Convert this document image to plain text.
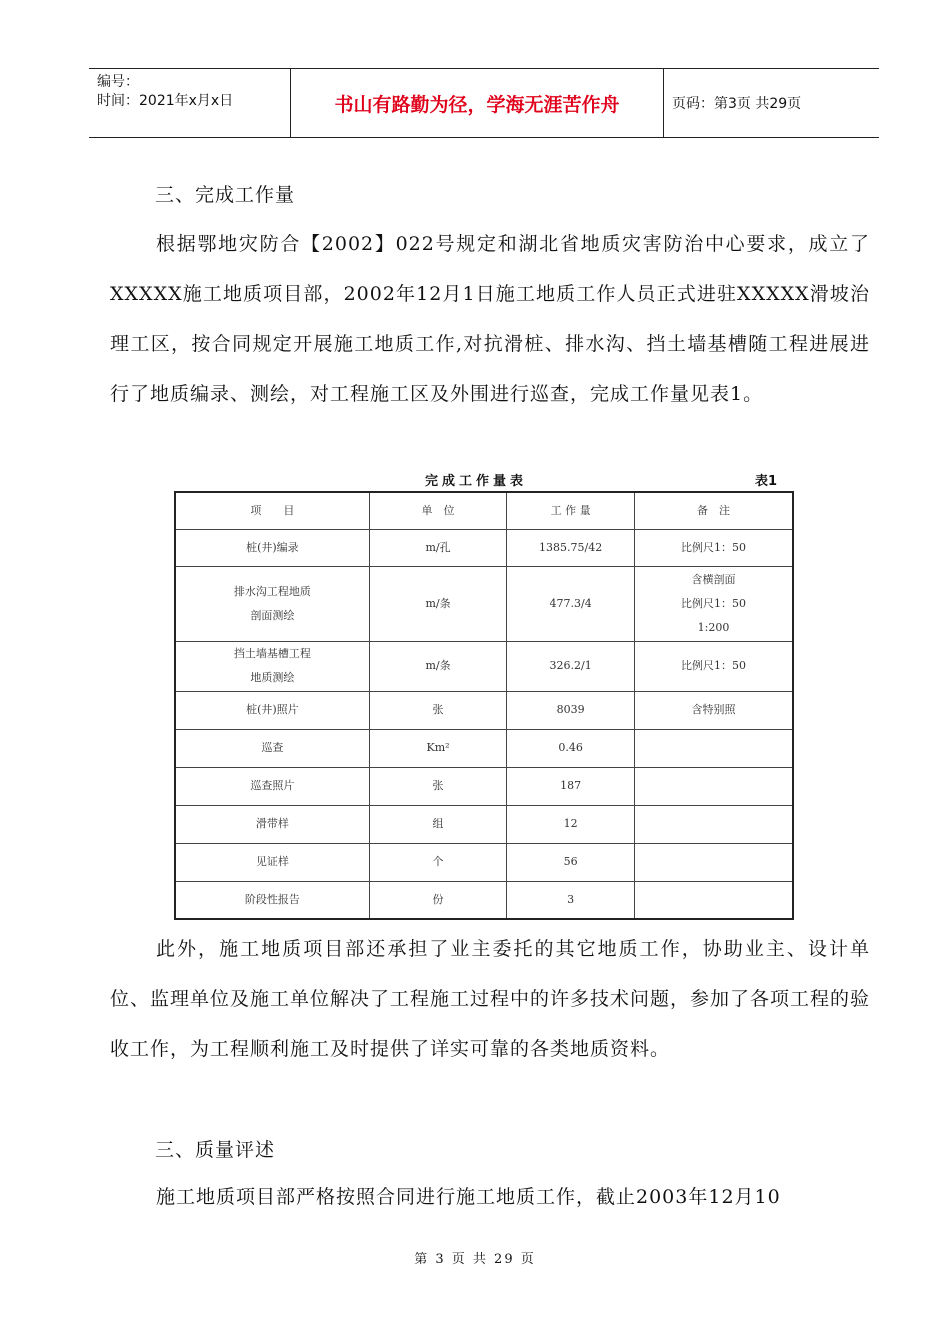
编号：
时间：2021年x月x日	书山有路勤为径，学海无涯苦作舟	页码：第3页 共29页
三、完成工作量
根据鄂地灾防合【2002】022号规定和湖北省地质灾害防治中心要求，成立了XXXXX施工地质项目部，2002年12月1日施工地质工作人员正式进驻XXXXX滑坡治理工区，按合同规定开展施工地质工作,对抗滑桩、排水沟、挡土墙基槽随工程进展进行了地质编录、测绘，对工程施工区及外围进行巡查，完成工作量见表1。
完成工作量表	表1
项　　目	单　位	工 作 量	备　注

桩(井)编录	m/孔	1385.75/42	比例尺1：50

排水沟工程地质
剖面测绘	m/条	477.3/4	含横剖面
比例尺1：50
1:200

挡土墙基槽工程
地质测绘	m/条	326.2/1	比例尺1：50

桩(井)照片	张	8039	含特别照

巡查	Km²	0.46	

巡查照片	张	187	

滑带样	组	12	

见证样	个	56	

阶段性报告	份	3	
此外，施工地质项目部还承担了业主委托的其它地质工作，协助业主、设计单位、监理单位及施工单位解决了工程施工过程中的许多技术问题，参加了各项工程的验收工作，为工程顺利施工及时提供了详实可靠的各类地质资料。
三、质量评述
施工地质项目部严格按照合同进行施工地质工作，截止2003年12月10
第 3 页 共 29 页
